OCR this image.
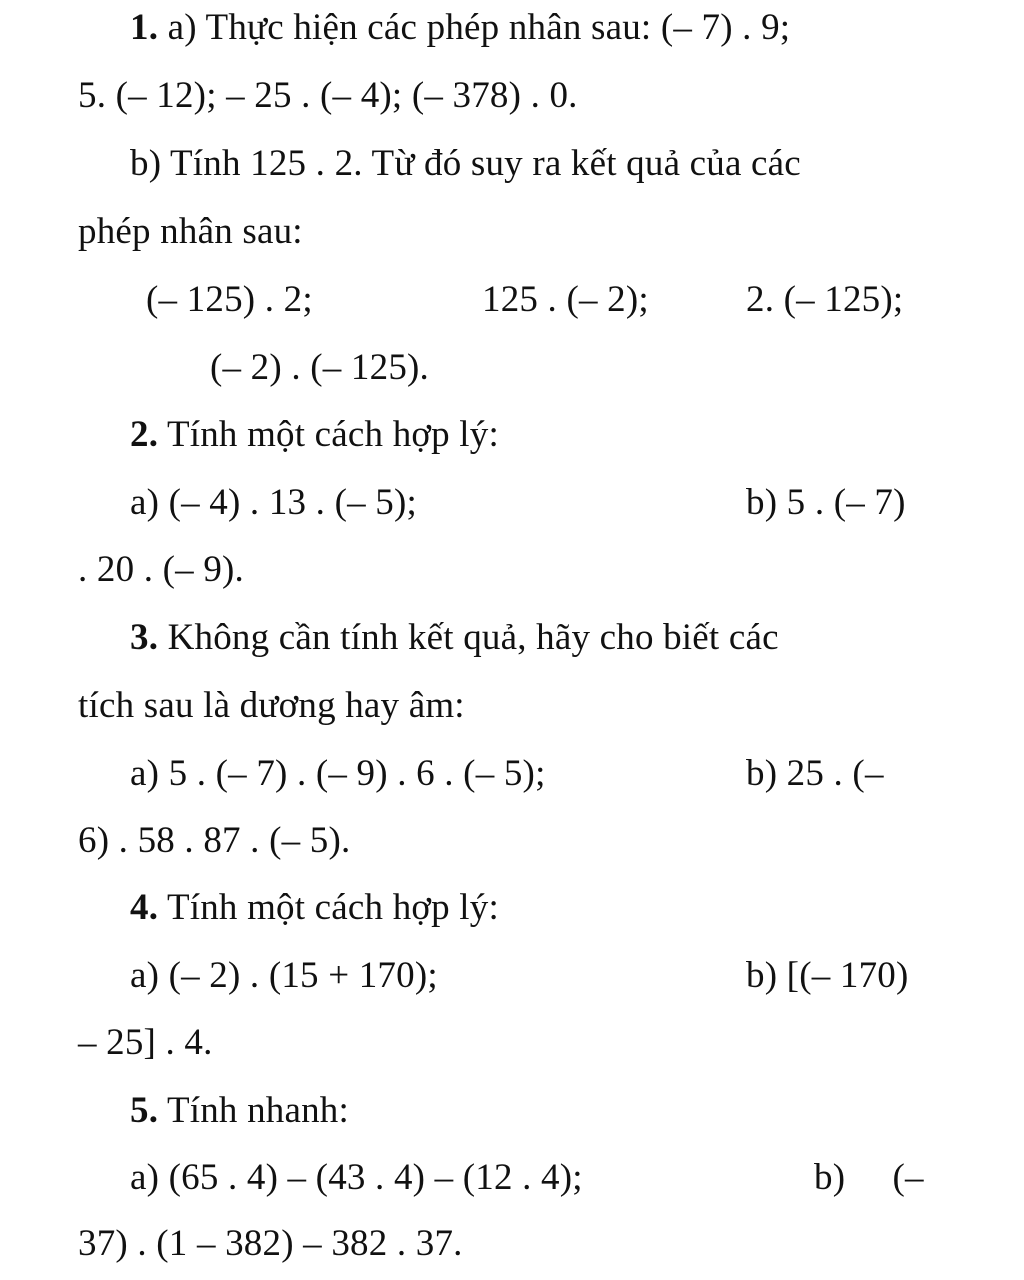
1. a) Thực hiện các phép nhân sau: (– 7) . 9;
5. (– 12); – 25 . (– 4); (– 378) . 0.
b) Tính 125 . 2. Từ đó suy ra kết quả của các
phép nhân sau:
(– 125) . 2;	125 . (– 2);	2. (– 125);
(– 2) . (– 125).
2. Tính một cách hợp lý:
a) (– 4) . 13 . (– 5);	b) 5 . (– 7)
. 20 . (– 9).
3. Không cần tính kết quả, hãy cho biết các
tích sau là dương hay âm:
a) 5 . (– 7) . (– 9) . 6 . (– 5);	b) 25 . (–
6) . 58 . 87 . (– 5).
4. Tính một cách hợp lý:
a) (– 2) . (15 + 170);	b) [(– 170)
– 25] . 4.
5. Tính nhanh:
a) (65 . 4) – (43 . 4) – (12 . 4);	b)     (–
37) . (1 – 382) – 382 . 37.
